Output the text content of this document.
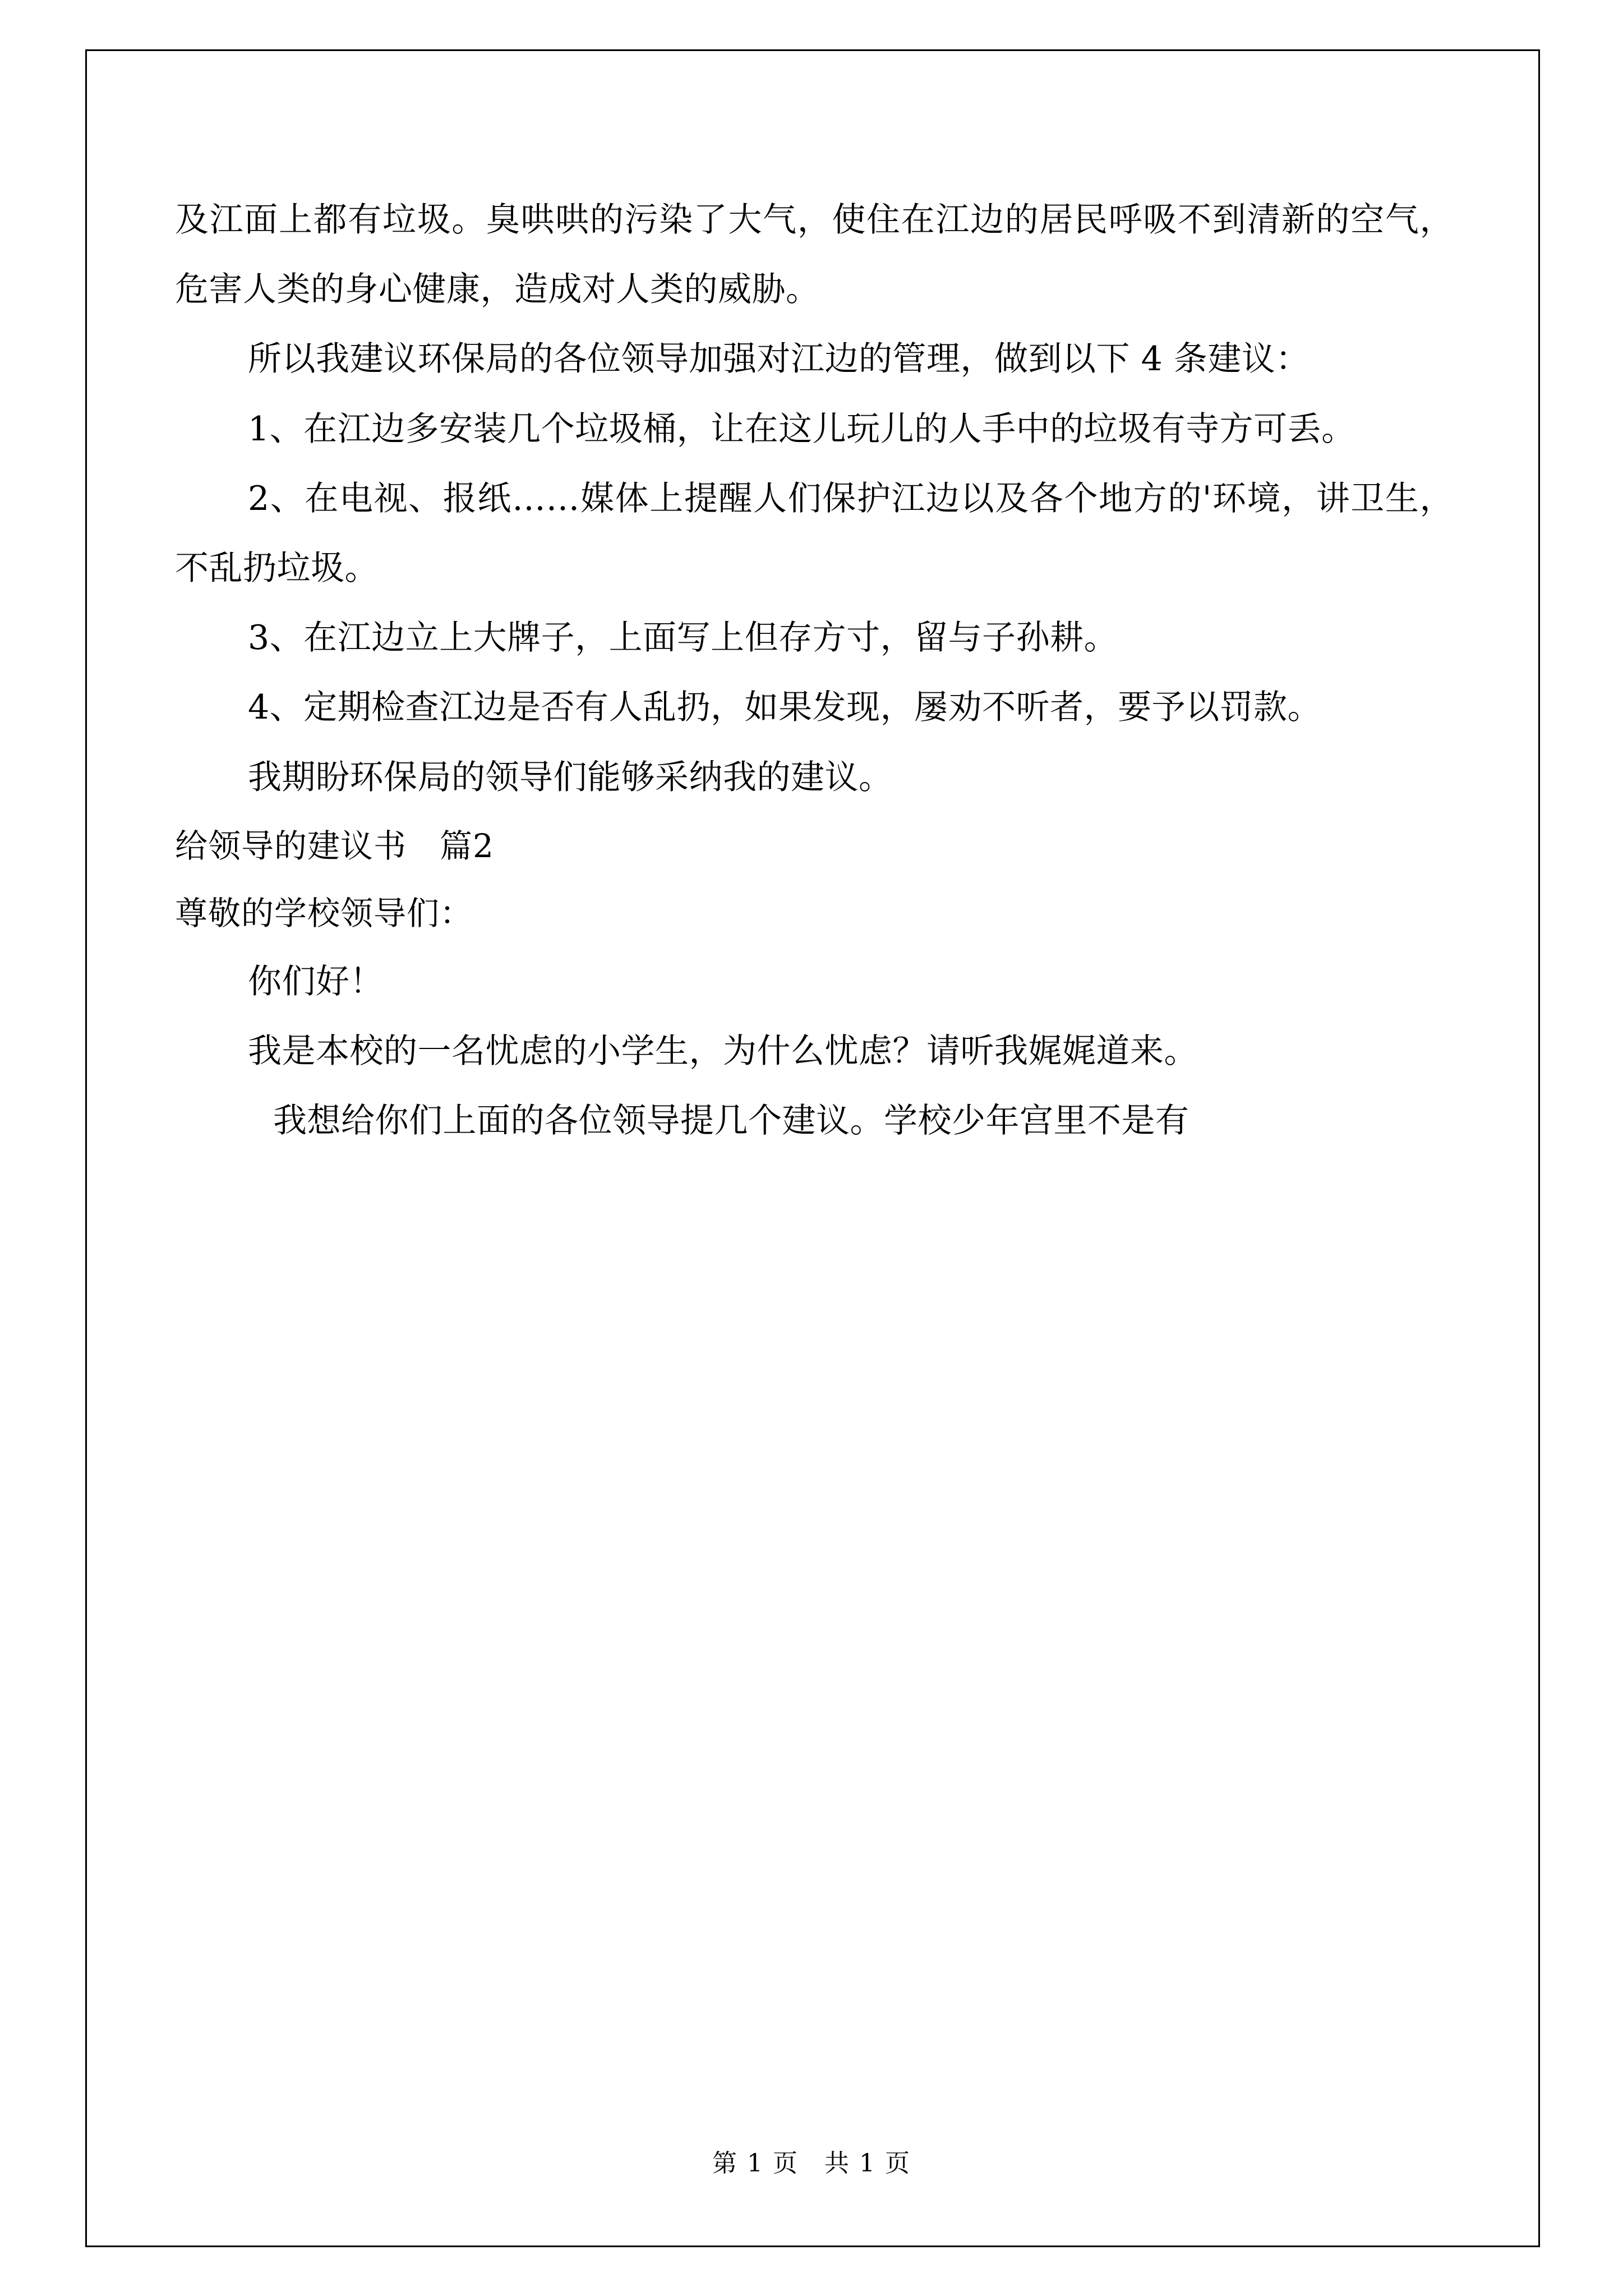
及江面上都有垃圾。臭哄哄的污染了大气，使住在江边的居民呼吸不到清新的空气，危害人类的身心健康，造成对人类的威胁。

所以我建议环保局的各位领导加强对江边的管理，做到以下 4 条建议：

1、在江边多安装几个垃圾桶，让在这儿玩儿的人手中的垃圾有寺方可丢。

2、在电视、报纸……媒体上提醒人们保护江边以及各个地方的'环境，讲卫生，不乱扔垃圾。

3、在江边立上大牌子，上面写上但存方寸，留与子孙耕。

4、定期检查江边是否有人乱扔，如果发现，屡劝不听者，要予以罚款。

我期盼环保局的领导们能够采纳我的建议。

给领导的建议书　篇2

尊敬的学校领导们：

你们好！

我是本校的一名忧虑的小学生，为什么忧虑？请听我娓娓道来。

我想给你们上面的各位领导提几个建议。学校少年宫里不是有

第 1 页　共 1 页
